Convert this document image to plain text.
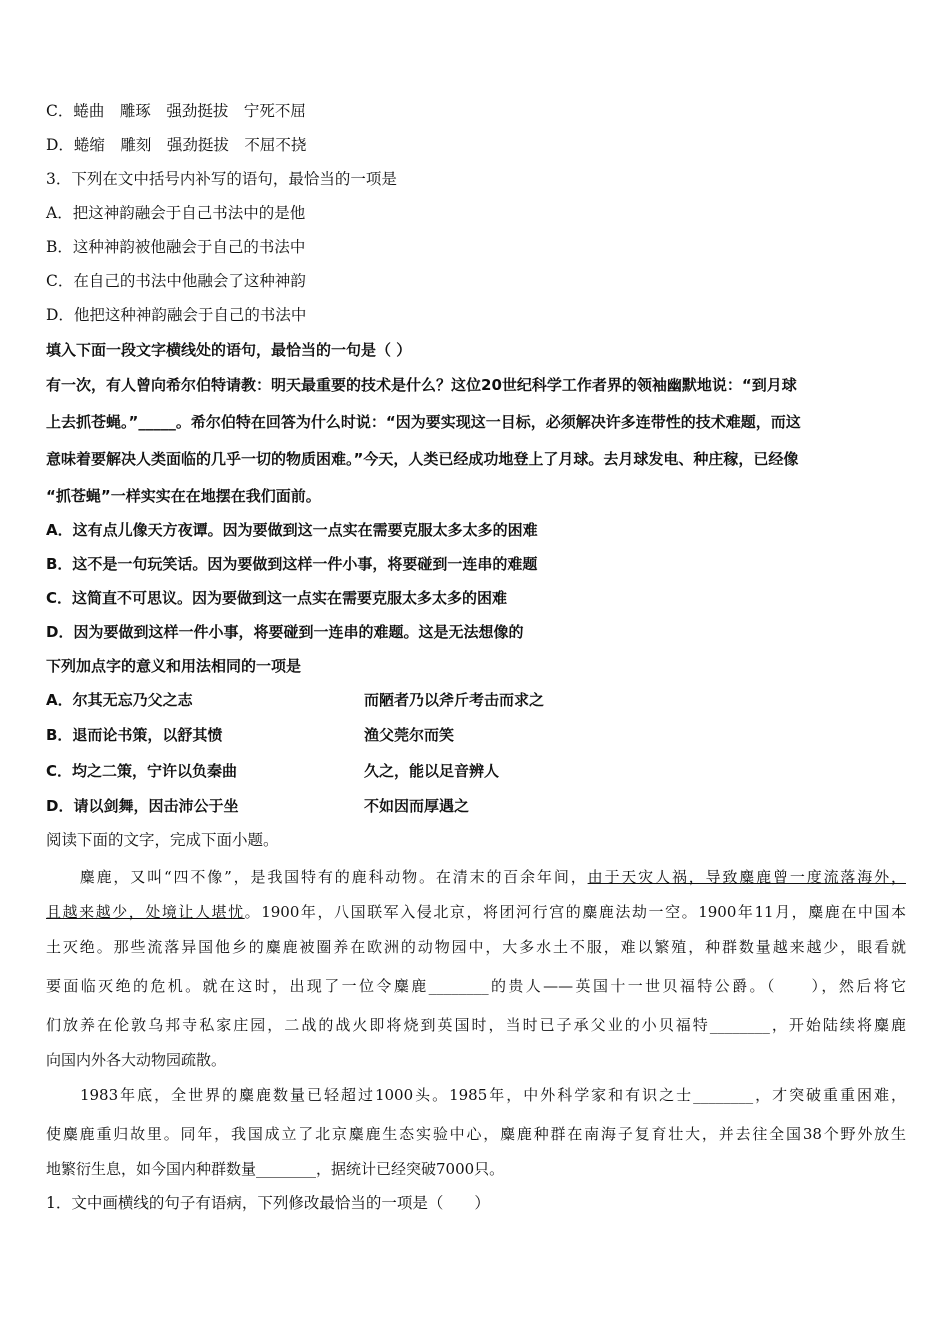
C．蜷曲　雕琢　强劲挺拔　宁死不屈
D．蜷缩　雕刻　强劲挺拔　不屈不挠
3．下列在文中括号内补写的语句，最恰当的一项是
A．把这神韵融会于自己书法中的是他
B．这种神韵被他融会于自己的书法中
C．在自己的书法中他融会了这种神韵
D．他把这种神韵融会于自己的书法中
填入下面一段文字横线处的语句，最恰当的一句是（ ）
有一次，有人曾向希尔伯特请教：明天最重要的技术是什么？这位20世纪科学工作者界的领袖幽默地说：“到月球
上去抓苍蝇。”_____。希尔伯特在回答为什么时说：“因为要实现这一目标，必须解决许多连带性的技术难题，而这
意味着要解决人类面临的几乎一切的物质困难。”今天，人类已经成功地登上了月球。去月球发电、种庄稼，已经像
“抓苍蝇”一样实实在在地摆在我们面前。
A．这有点儿像天方夜谭。因为要做到这一点实在需要克服太多太多的困难
B．这不是一句玩笑话。因为要做到这样一件小事，将要碰到一连串的难题
C．这简直不可思议。因为要做到这一点实在需要克服太多太多的困难
D．因为要做到这样一件小事，将要碰到一连串的难题。这是无法想像的
下列加点字的意义和用法相同的一项是
A．尔其无忘乃父之志	而陋者乃以斧斤考击而求之
B．退而论书策，以舒其愤	渔父莞尔而笑
C．均之二策，宁许以负秦曲	久之，能以足音辨人
D．请以剑舞，因击沛公于坐	不如因而厚遇之
阅读下面的文字，完成下面小题。
　　麋鹿，又叫“四不像”，是我国特有的鹿科动物。在清末的百余年间，由于天灾人祸，导致麋鹿曾一度流落海外，
且越来越少，处境让人堪忧。1900年，八国联军入侵北京，将团河行宫的麋鹿法劫一空。1900年11月，麋鹿在中国本
土灭绝。那些流落异国他乡的麋鹿被圈养在欧洲的动物园中，大多水土不服，难以繁殖，种群数量越来越少，眼看就
要面临灭绝的危机。就在这时，出现了一位令麋鹿________的贵人——英国十一世贝福特公爵。（　　），然后将它
们放养在伦敦乌邦寺私家庄园，二战的战火即将烧到英国时，当时已子承父业的小贝福特________，开始陆续将麋鹿
向国内外各大动物园疏散。
　　1983年底，全世界的麋鹿数量已轻超过1000头。1985年，中外科学家和有识之士________，才突破重重困难，
使麋鹿重归故里。同年，我国成立了北京麋鹿生态实验中心，麋鹿种群在南海子复育壮大，并去往全国38个野外放生
地繁衍生息，如今国内种群数量________，据统计已经突破7000只。
1．文中画横线的句子有语病，下列修改最恰当的一项是（　　）
